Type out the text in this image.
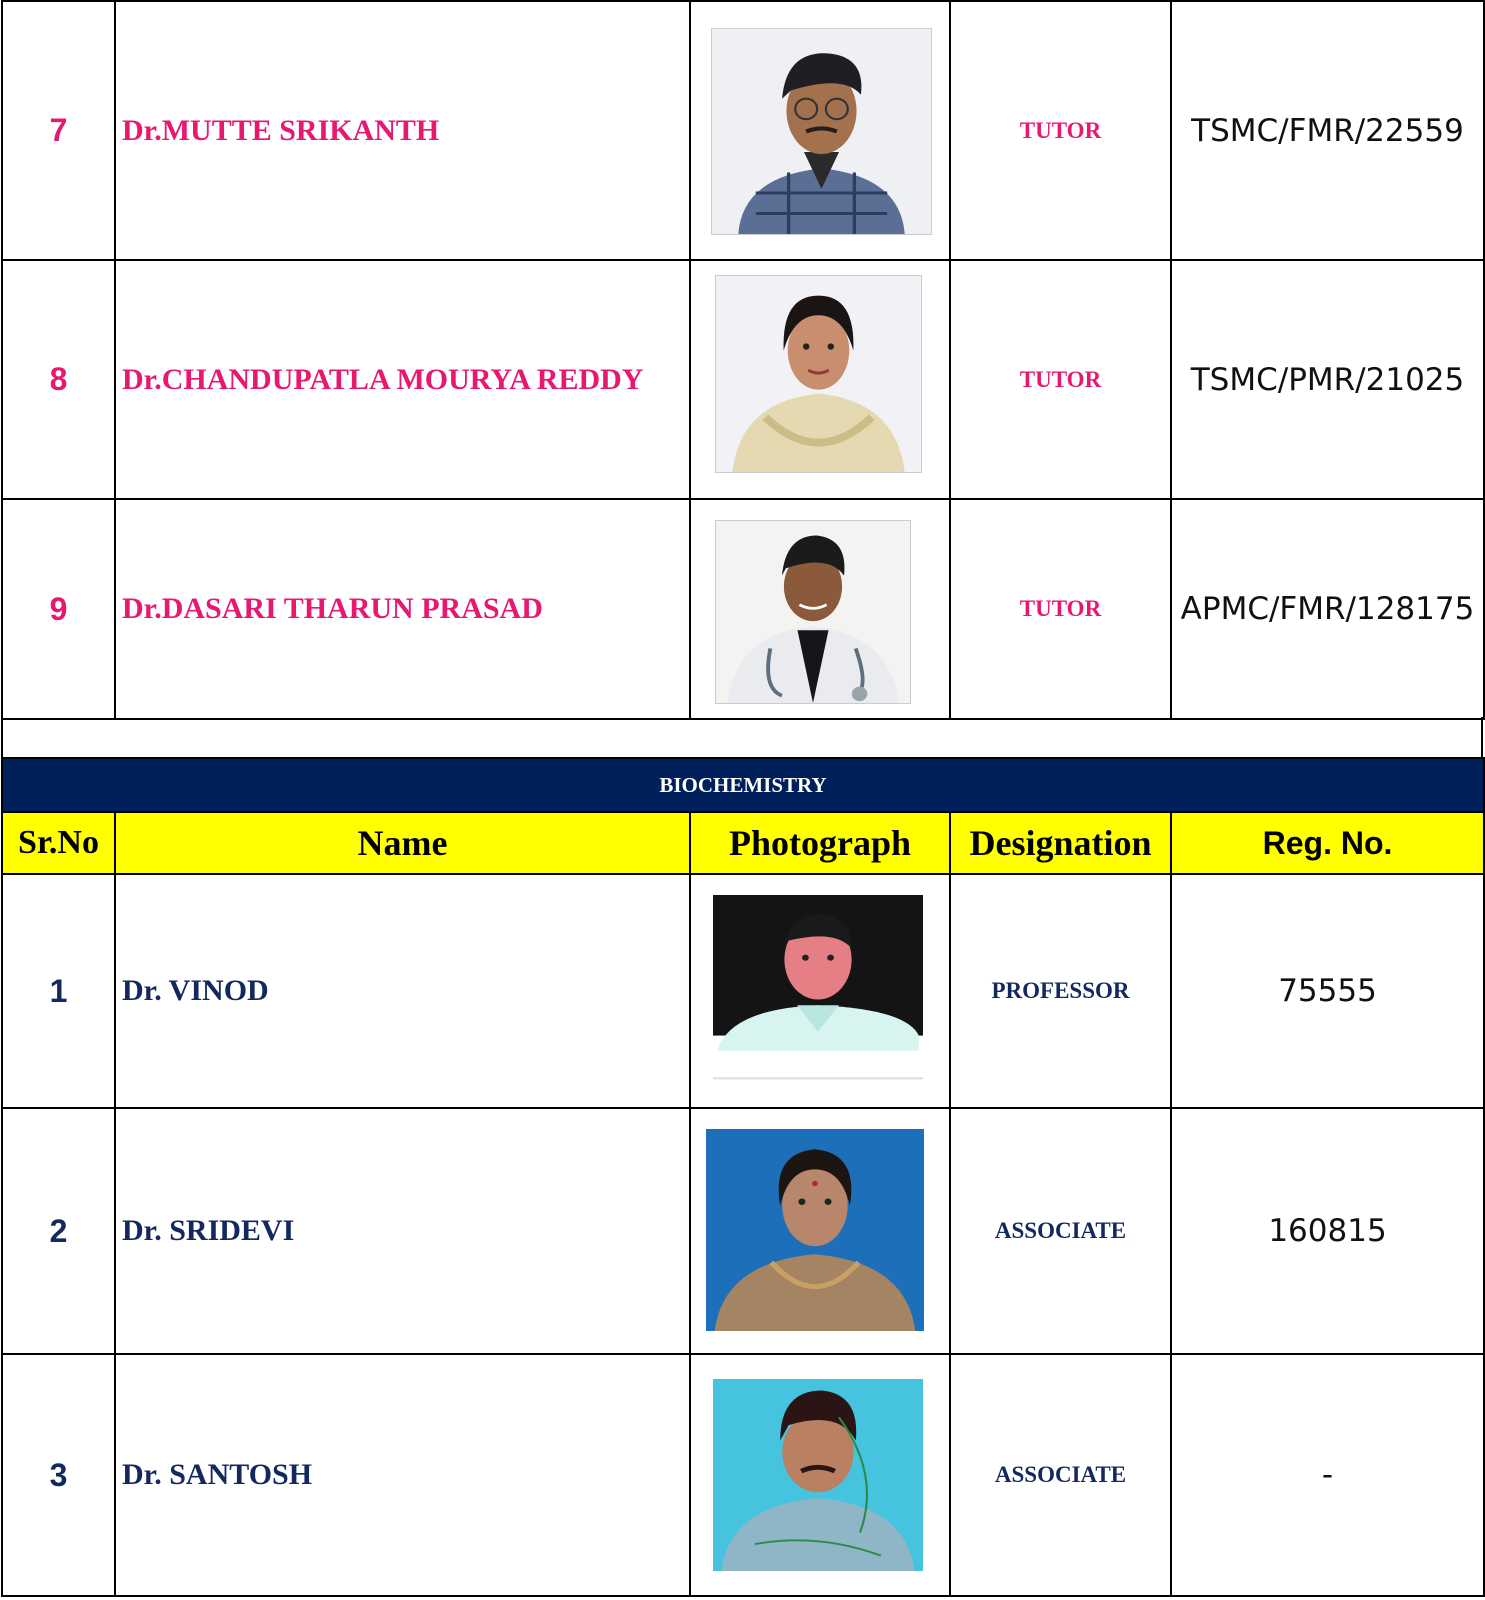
7	Dr.MUTTE SRIKANTH		TUTOR	TSMC/FMR/22559
8	Dr.CHANDUPATLA MOURYA REDDY		TUTOR	TSMC/PMR/21025
9	Dr.DASARI THARUN PRASAD		TUTOR	APMC/FMR/128175
BIOCHEMISTRY				
Sr.No	Name	Photograph	Designation	Reg. No.
1	Dr. VINOD		PROFESSOR	75555
2	Dr. SRIDEVI		ASSOCIATE	160815
3	Dr. SANTOSH		ASSOCIATE	-
